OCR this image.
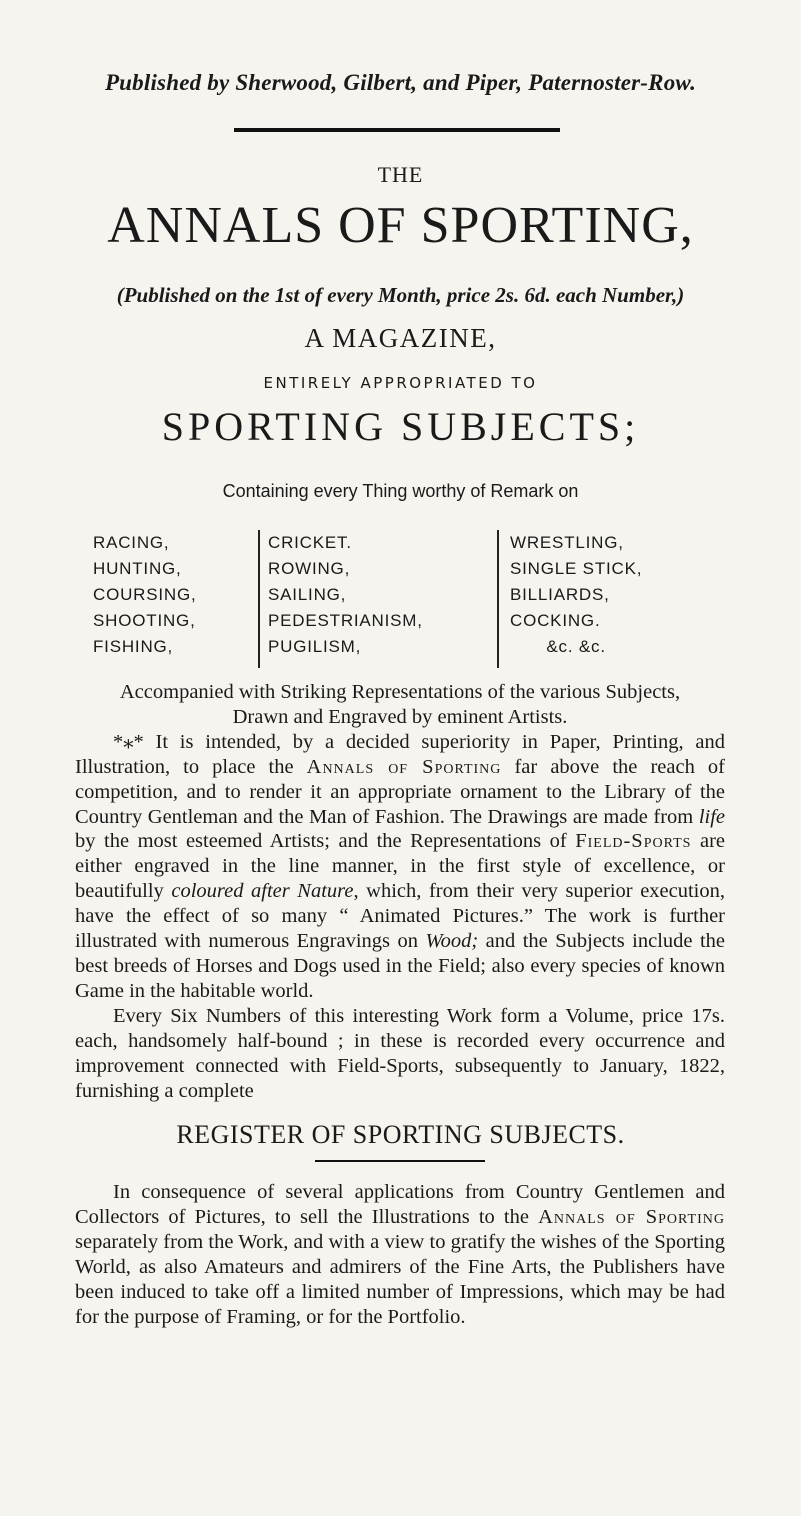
Published by Sherwood, Gilbert, and Piper, Paternoster-Row.
THE
ANNALS OF SPORTING,
(Published on the 1st of every Month, price 2s. 6d. each Number,)
A MAGAZINE,
ENTIRELY APPROPRIATED TO
SPORTING SUBJECTS;
Containing every Thing worthy of Remark on
RACING,
HUNTING,
COURSING,
SHOOTING,
FISHING,
CRICKET.
ROWING,
SAILING,
PEDESTRIANISM,
PUGILISM,
WRESTLING,
SINGLE STICK,
BILLIARDS,
COCKING.
&c. &c.

Accompanied with Striking Representations of the various Subjects,

Drawn and Engraved by eminent Artists.

*⁎* It is intended, by a decided superiority in Paper, Printing, and Illustration, to place the Annals of Sporting far above the reach of competition, and to render it an appropriate ornament to the Library of the Country Gentleman and the Man of Fashion. The Drawings are made from life by the most esteemed Artists; and the Representations of Field-Sports are either engraved in the line manner, in the first style of excellence, or beautifully coloured after Nature, which, from their very superior execution, have the effect of so many “ Animated Pictures.” The work is further illustrated with numerous Engravings on Wood; and the Subjects include the best breeds of Horses and Dogs used in the Field; also every species of known Game in the habitable world.

Every Six Numbers of this interesting Work form a Volume, price 17s. each, handsomely half-bound ; in these is recorded every occurrence and improvement connected with Field-Sports, subsequently to January, 1822, furnishing a complete

REGISTER OF SPORTING SUBJECTS.

In consequence of several applications from Country Gentlemen and Collectors of Pictures, to sell the Illustrations to the Annals of Sporting separately from the Work, and with a view to gratify the wishes of the Sporting World, as also Amateurs and admirers of the Fine Arts, the Publishers have been induced to take off a limited number of Impressions, which may be had for the purpose of Framing, or for the Portfolio.
